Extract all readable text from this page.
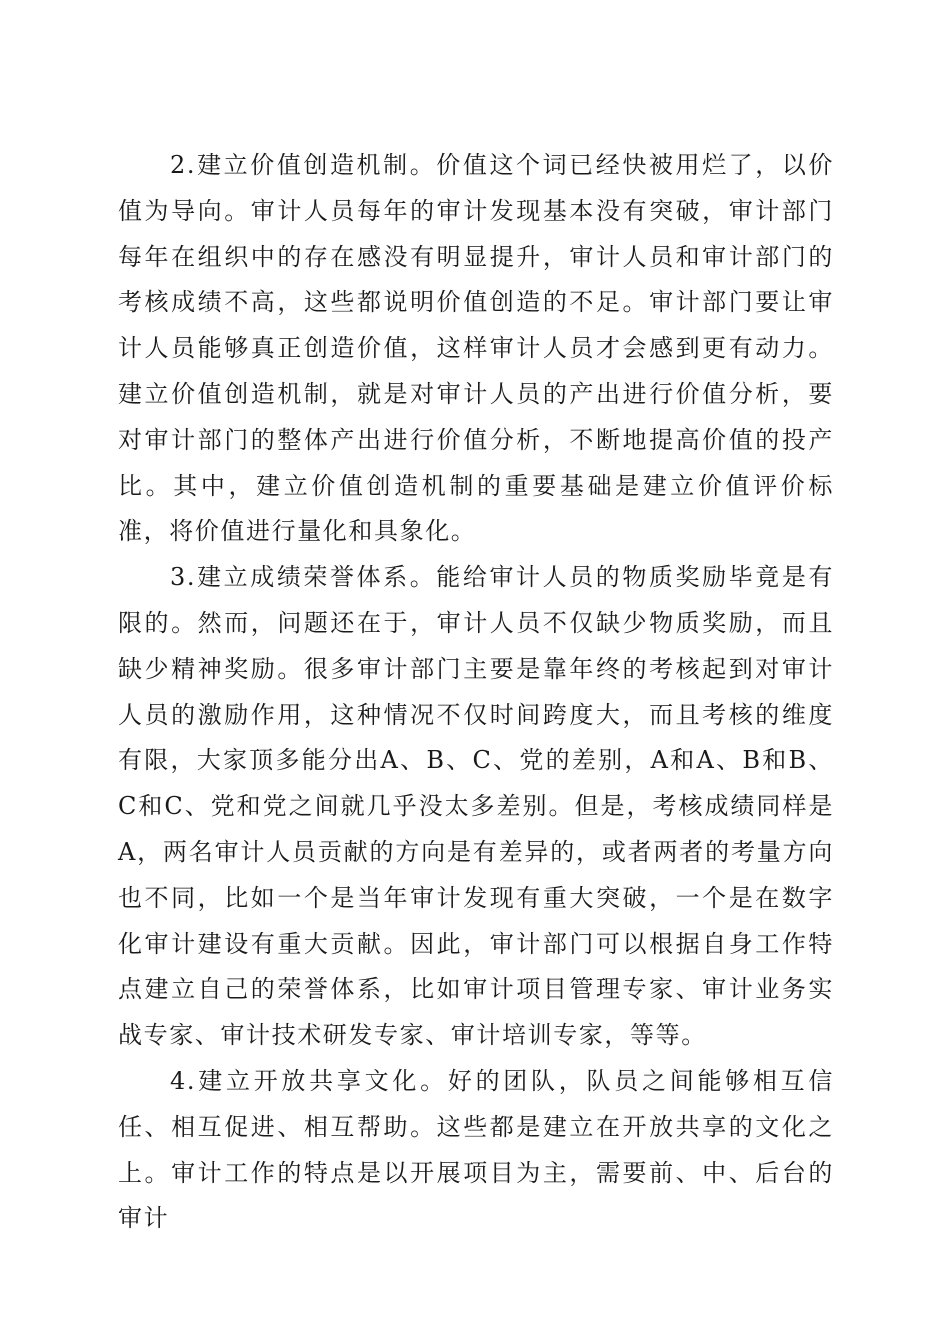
2.建立价值创造机制。价值这个词已经快被用烂了，以价值为导向。审计人员每年的审计发现基本没有突破，审计部门每年在组织中的存在感没有明显提升，审计人员和审计部门的考核成绩不高，这些都说明价值创造的不足。审计部门要让审计人员能够真正创造价值，这样审计人员才会感到更有动力。建立价值创造机制，就是对审计人员的产出进行价值分析，要对审计部门的整体产出进行价值分析，不断地提高价值的投产比。其中，建立价值创造机制的重要基础是建立价值评价标准，将价值进行量化和具象化。

3.建立成绩荣誉体系。能给审计人员的物质奖励毕竟是有限的。然而，问题还在于，审计人员不仅缺少物质奖励，而且缺少精神奖励。很多审计部门主要是靠年终的考核起到对审计人员的激励作用，这种情况不仅时间跨度大，而且考核的维度有限，大家顶多能分出A、B、C、党的差别，A和A、B和B、C和C、党和党之间就几乎没太多差别。但是，考核成绩同样是A，两名审计人员贡献的方向是有差异的，或者两者的考量方向也不同，比如一个是当年审计发现有重大突破，一个是在数字化审计建设有重大贡献。因此，审计部门可以根据自身工作特点建立自己的荣誉体系，比如审计项目管理专家、审计业务实战专家、审计技术研发专家、审计培训专家，等等。

4.建立开放共享文化。好的团队，队员之间能够相互信任、相互促进、相互帮助。这些都是建立在开放共享的文化之上。审计工作的特点是以开展项目为主，需要前、中、后台的审计
